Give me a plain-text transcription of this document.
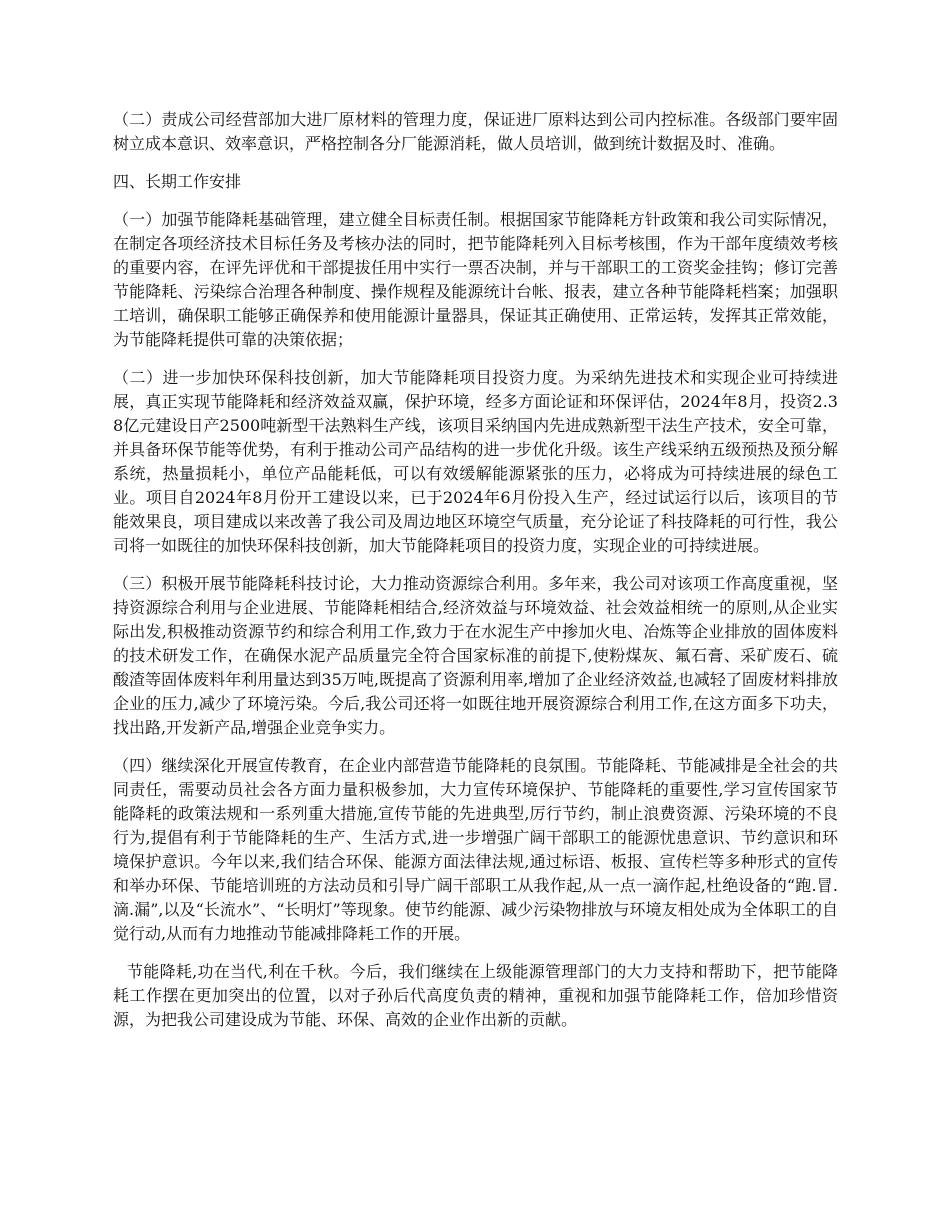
（二）责成公司经营部加大进厂原材料的管理力度，保证进厂原料达到公司内控标准。各级部门要牢固树立成本意识、效率意识，严格控制各分厂能源消耗，做人员培训，做到统计数据及时、准确。

四、长期工作安排

（一）加强节能降耗基础管理，建立健全目标责任制。根据国家节能降耗方针政策和我公司实际情况，在制定各项经济技术目标任务及考核办法的同时，把节能降耗列入目标考核围，作为干部年度绩效考核的重要内容，在评先评优和干部提拔任用中实行一票否决制，并与干部职工的工资奖金挂钩；修订完善节能降耗、污染综合治理各种制度、操作规程及能源统计台帐、报表，建立各种节能降耗档案；加强职工培训，确保职工能够正确保养和使用能源计量器具，保证其正确使用、正常运转，发挥其正常效能，为节能降耗提供可靠的决策依据；

（二）进一步加快环保科技创新，加大节能降耗项目投资力度。为采纳先进技术和实现企业可持续进展，真正实现节能降耗和经济效益双赢，保护环境，经多方面论证和环保评估，2024年8月，投资2.38亿元建设日产2500吨新型干法熟料生产线，该项目采纳国内先进成熟新型干法生产技术，安全可靠，并具备环保节能等优势，有利于推动公司产品结构的进一步优化升级。该生产线采纳五级预热及预分解系统，热量损耗小，单位产品能耗低，可以有效缓解能源紧张的压力，必将成为可持续进展的绿色工业。项目自2024年8月份开工建设以来，已于2024年6月份投入生产，经过试运行以后，该项目的节能效果良，项目建成以来改善了我公司及周边地区环境空气质量，充分论证了科技降耗的可行性，我公司将一如既往的加快环保科技创新，加大节能降耗项目的投资力度，实现企业的可持续进展。

（三）积极开展节能降耗科技讨论，大力推动资源综合利用。多年来，我公司对该项工作高度重视，坚持资源综合利用与企业进展、节能降耗相结合,经济效益与环境效益、社会效益相统一的原则,从企业实际出发,积极推动资源节约和综合利用工作,致力于在水泥生产中掺加火电、冶炼等企业排放的固体废料的技术研发工作，在确保水泥产品质量完全符合国家标准的前提下,使粉煤灰、氟石膏、采矿废石、硫酸渣等固体废料年利用量达到35万吨,既提高了资源利用率,增加了企业经济效益,也减轻了固废材料排放企业的压力,减少了环境污染。今后,我公司还将一如既往地开展资源综合利用工作,在这方面多下功夫，找出路,开发新产品,增强企业竞争实力。

（四）继续深化开展宣传教育，在企业内部营造节能降耗的良氛围。节能降耗、节能减排是全社会的共同责任，需要动员社会各方面力量积极参加，大力宣传环境保护、节能降耗的重要性,学习宣传国家节能降耗的政策法规和一系列重大措施,宣传节能的先进典型,厉行节约，制止浪费资源、污染环境的不良行为,提倡有利于节能降耗的生产、生活方式,进一步增强广阔干部职工的能源忧患意识、节约意识和环境保护意识。今年以来,我们结合环保、能源方面法律法规,通过标语、板报、宣传栏等多种形式的宣传和举办环保、节能培训班的方法动员和引导广阔干部职工从我作起,从一点一滴作起,杜绝设备的“跑.冒.滴.漏”,以及“长流水”、“长明灯”等现象。使节约能源、减少污染物排放与环境友相处成为全体职工的自觉行动,从而有力地推动节能减排降耗工作的开展。

节能降耗,功在当代,利在千秋。今后，我们继续在上级能源管理部门的大力支持和帮助下，把节能降耗工作摆在更加突出的位置，以对子孙后代高度负责的精神，重视和加强节能降耗工作，倍加珍惜资源，为把我公司建设成为节能、环保、高效的企业作出新的贡献。
